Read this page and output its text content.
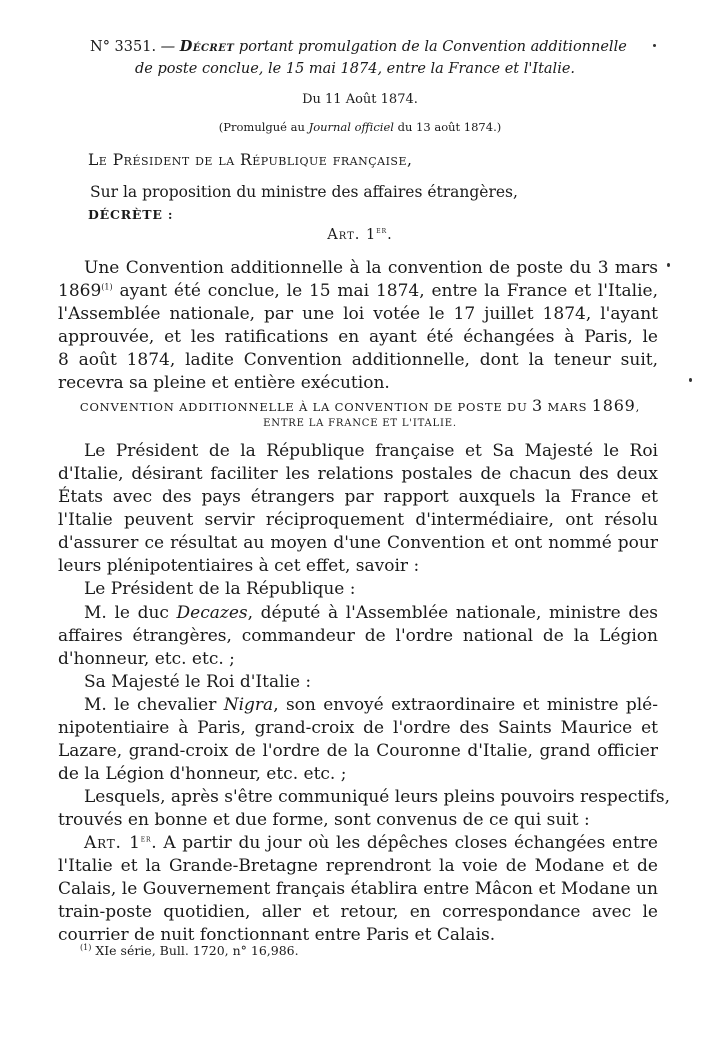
N° 3351. — Décret portant promulgation de la Convention additionnelle
de poste conclue, le 15 mai 1874, entre la France et l'Italie.
Du 11 Août 1874.
(Promulgué au Journal officiel du 13 août 1874.)
Le Président de la République française,
Sur la proposition du ministre des affaires étrangères,
DÉCRÈTE :
Art. 1er.
Une Convention additionnelle à la convention de poste du 3 mars
1869$^{(1)}$ ayant été conclue, le 15 mai 1874, entre la France et l'Italie,
l'Assemblée nationale, par une loi votée le 17 juillet 1874, l'ayant
approuvée, et les ratifications en ayant été échangées à Paris, le
8 août 1874, ladite Convention additionnelle, dont la teneur suit,
recevra sa pleine et entière exécution.
CONVENTION ADDITIONNELLE À LA CONVENTION DE POSTE DU 3 MARS 1869,
ENTRE LA FRANCE ET L'ITALIE.
Le Président de la République française et Sa Majesté le Roi
d'Italie, désirant faciliter les relations postales de chacun des deux
États avec des pays étrangers par rapport auxquels la France et
l'Italie peuvent servir réciproquement d'intermédiaire, ont résolu
d'assurer ce résultat au moyen d'une Convention et ont nommé pour
leurs plénipotentiaires à cet effet, savoir :
Le Président de la République :
M. le duc Decazes, député à l'Assemblée nationale, ministre des
affaires étrangères, commandeur de l'ordre national de la Légion
d'honneur, etc. etc. ;
Sa Majesté le Roi d'Italie :
M. le chevalier Nigra, son envoyé extraordinaire et ministre plé-
nipotentiaire à Paris, grand-croix de l'ordre des Saints Maurice et
Lazare, grand-croix de l'ordre de la Couronne d'Italie, grand officier
de la Légion d'honneur, etc. etc. ;
Lesquels, après s'être communiqué leurs pleins pouvoirs respectifs,
trouvés en bonne et due forme, sont convenus de ce qui suit :
Art. 1er. A partir du jour où les dépêches closes échangées entre
l'Italie et la Grande-Bretagne reprendront la voie de Modane et de
Calais, le Gouvernement français établira entre Mâcon et Modane un
train-poste quotidien, aller et retour, en correspondance avec le
courrier de nuit fonctionnant entre Paris et Calais.
$^{(1)}$ XIe série, Bull. 1720, n° 16,986.
